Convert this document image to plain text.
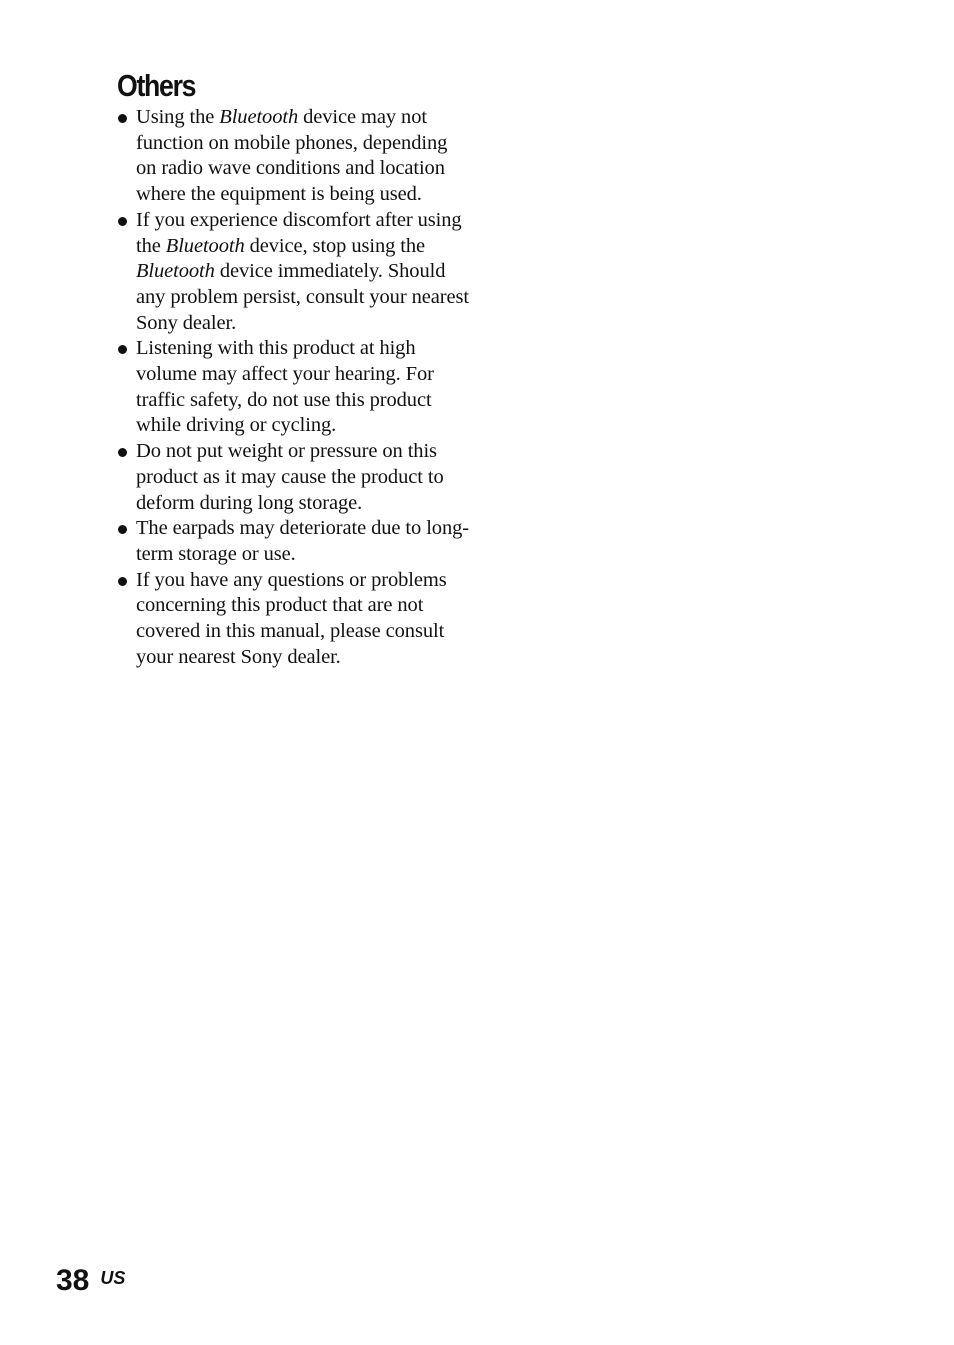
Others
Using the Bluetooth device may not function on mobile phones, depending on radio wave conditions and location where the equipment is being used.
If you experience discomfort after using the Bluetooth device, stop using the Bluetooth device immediately. Should any problem persist, consult your nearest Sony dealer.
Listening with this product at high volume may affect your hearing. For traffic safety, do not use this product while driving or cycling.
Do not put weight or pressure on this product as it may cause the product to deform during long storage.
The earpads may deteriorate due to long-term storage or use.
If you have any questions or problems concerning this product that are not covered in this manual, please consult your nearest Sony dealer.
38 US
